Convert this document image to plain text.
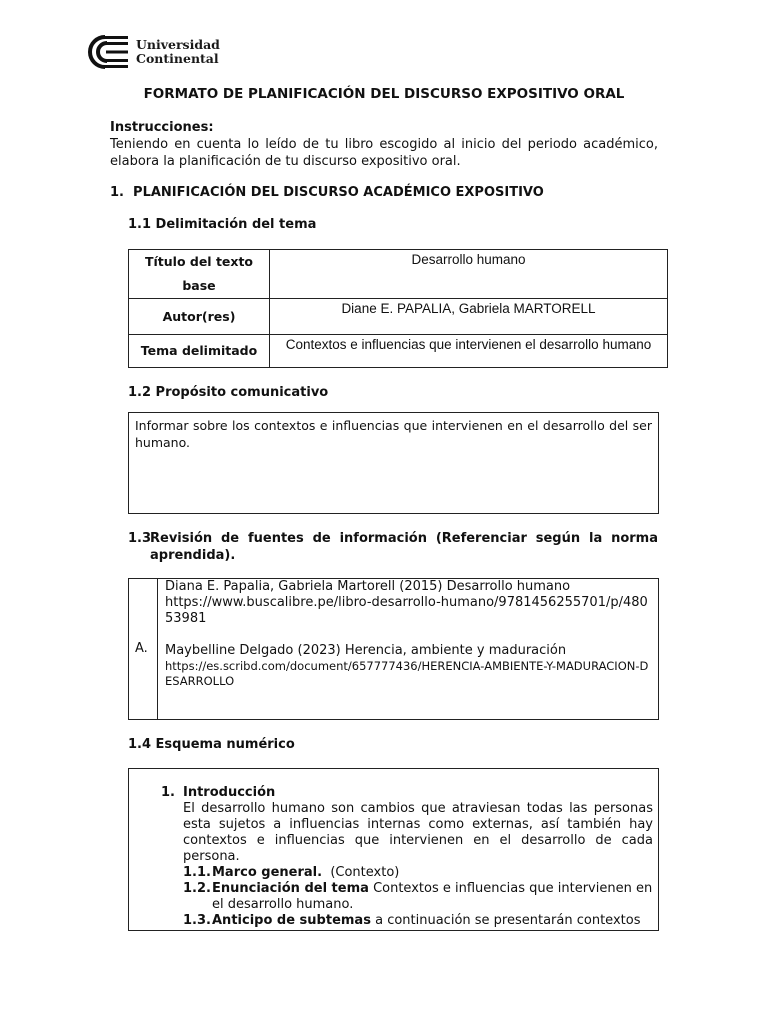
Universidad
Continental
FORMATO DE PLANIFICACIÓN DEL DISCURSO EXPOSITIVO ORAL
Instrucciones:
Teniendo en cuenta lo leído de tu libro escogido al inicio del periodo académico, elabora la planificación de tu discurso expositivo oral.
1. PLANIFICACIÓN DEL DISCURSO ACADÉMICO EXPOSITIVO
1.1 Delimitación del tema
Título del texto base	Desarrollo humano
Autor(res)	Diane E. PAPALIA, Gabriela MARTORELL
Tema delimitado	Contextos e influencias que intervienen el desarrollo humano
1.2 Propósito comunicativo
Informar sobre los contextos e influencias que intervienen en el desarrollo del ser humano.
1.3Revisión de fuentes de información (Referenciar según la norma
aprendida).
A.
Diana E. Papalia, Gabriela Martorell (2015) Desarrollo humano
https://www.buscalibre.pe/libro-desarrollo-humano/9781456255701/p/48053981
Maybelline Delgado (2023) Herencia, ambiente y maduración
https://es.scribd.com/document/657777436/HERENCIA-AMBIENTE-Y-MADURACION-DESARROLLO
1.4 Esquema numérico
1. Introducción
El desarrollo humano son cambios que atraviesan todas las personas esta sujetos a influencias internas como externas, así también hay contextos e influencias que intervienen en el desarrollo de cada persona.
1.1. Marco general. (Contexto)
1.2. Enunciación del tema Contextos e influencias que intervienen en el desarrollo humano.
1.3. Anticipo de subtemas a continuación se presentarán contextos
